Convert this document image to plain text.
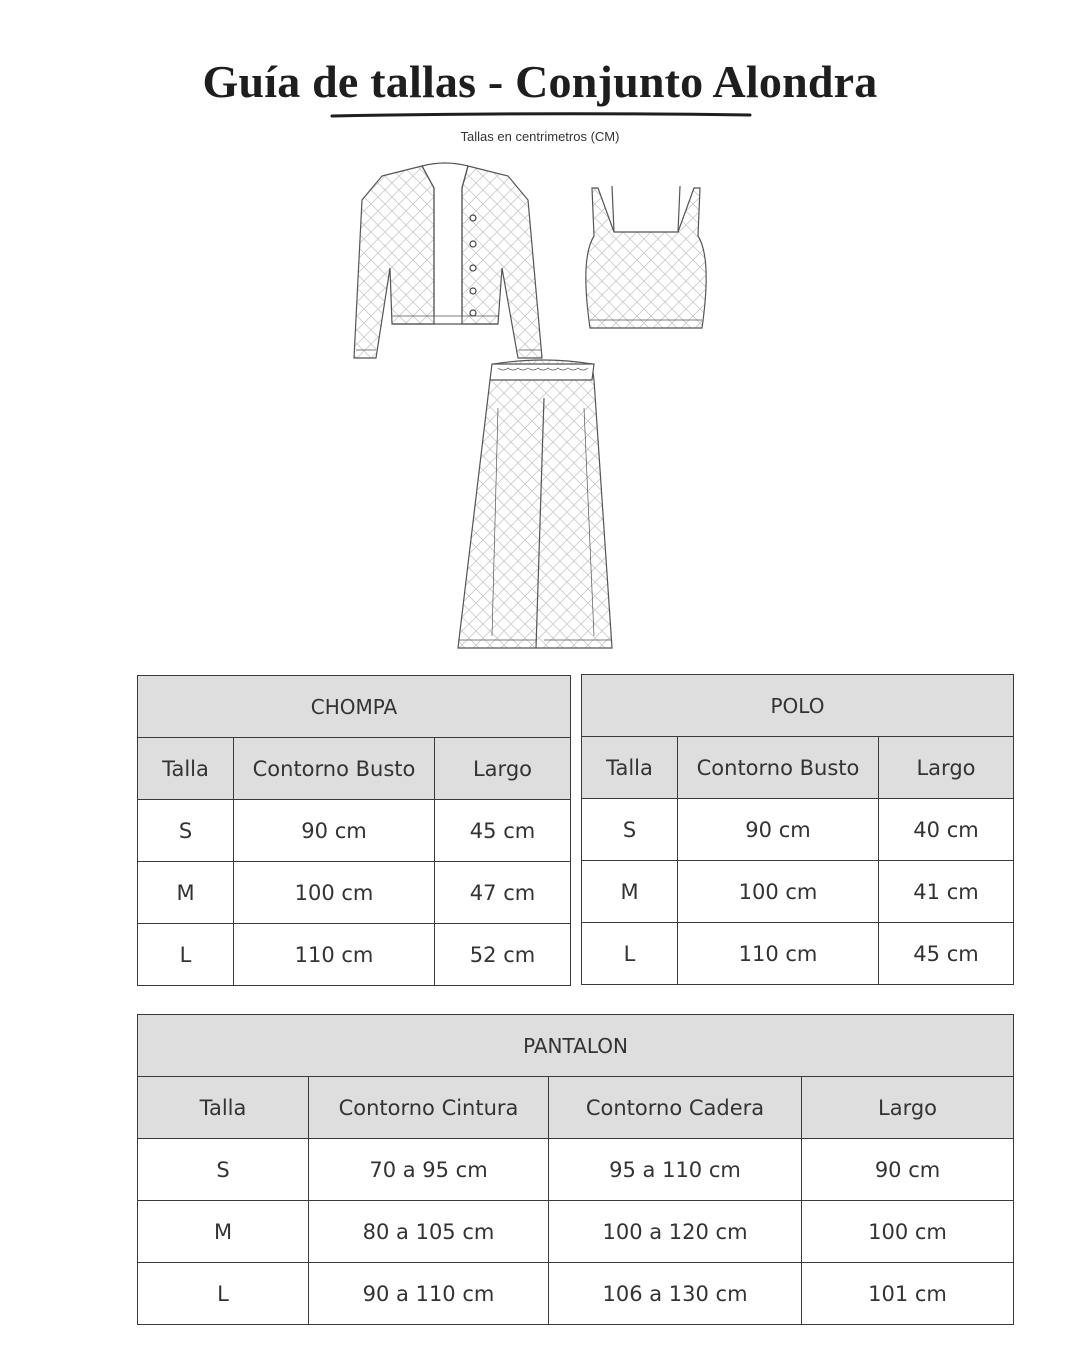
Guía de tallas - Conjunto Alondra
Tallas en centrimetros (CM)
CHOMPA		
Talla	Contorno Busto	Largo
S	90 cm	45 cm
M	100 cm	47 cm
L	110 cm	52 cm
POLO		
Talla	Contorno Busto	Largo
S	90 cm	40 cm
M	100 cm	41 cm
L	110 cm	45 cm
PANTALON			
Talla	Contorno Cintura	Contorno Cadera	Largo
S	70 a 95 cm	95 a 110 cm	90 cm
M	80 a 105 cm	100 a 120 cm	100 cm
L	90 a 110 cm	106 a 130 cm	101 cm
